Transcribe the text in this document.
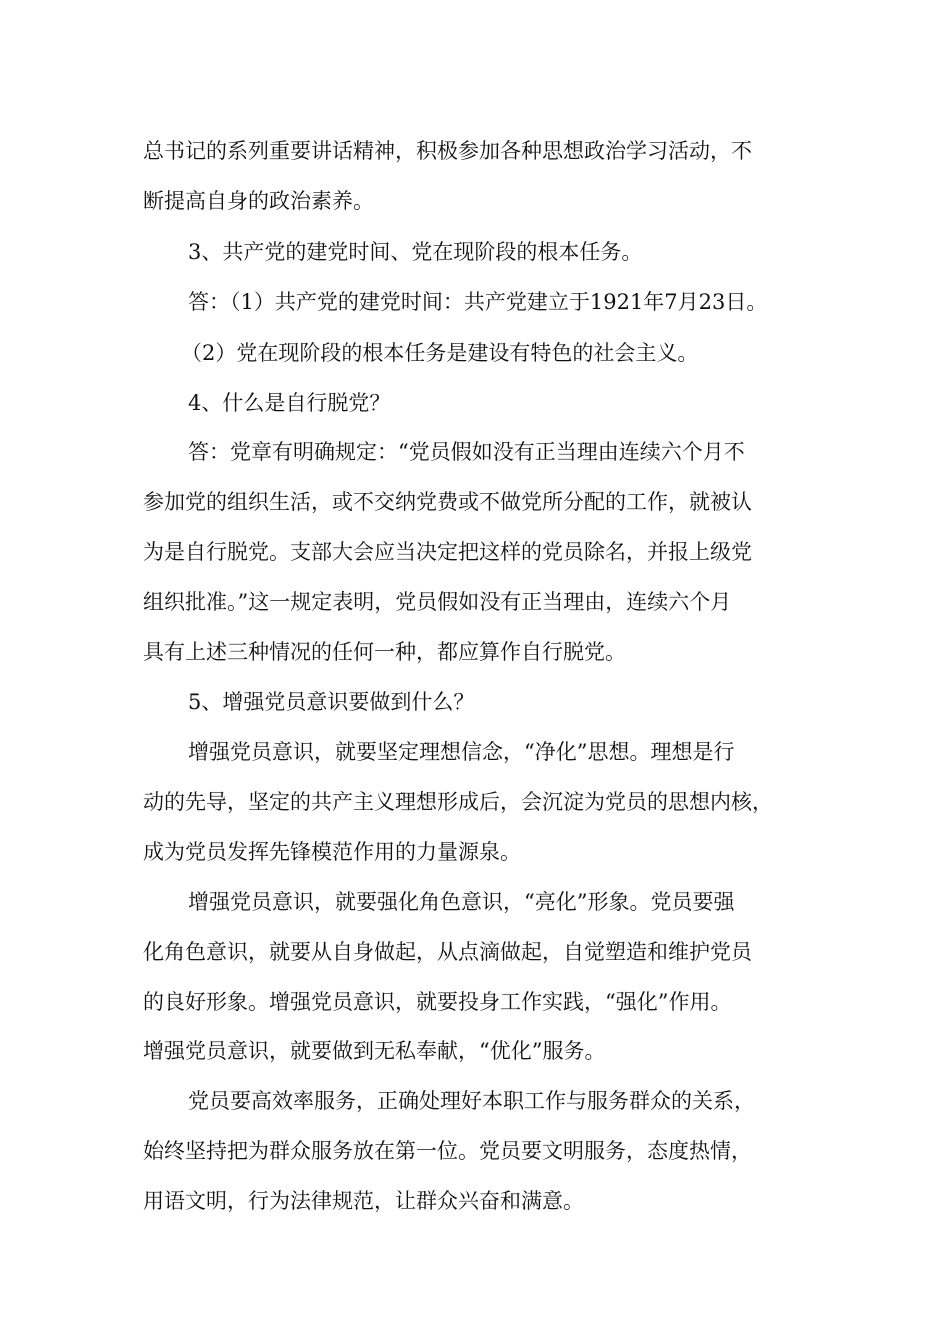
总书记的系列重要讲话精神，积极参加各种思想政治学习活动，不
断提高自身的政治素养。
3、共产党的建党时间、党在现阶段的根本任务。
答：（1）共产党的建党时间：共产党建立于1921年7月23日。
（2）党在现阶段的根本任务是建设有特色的社会主义。
4、什么是自行脱党？
答：党章有明确规定：“党员假如没有正当理由连续六个月不
参加党的组织生活，或不交纳党费或不做党所分配的工作，就被认
为是自行脱党。支部大会应当决定把这样的党员除名，并报上级党
组织批准。”这一规定表明，党员假如没有正当理由，连续六个月
具有上述三种情况的任何一种，都应算作自行脱党。
5、增强党员意识要做到什么？
增强党员意识，就要坚定理想信念，“净化”思想。理想是行
动的先导，坚定的共产主义理想形成后，会沉淀为党员的思想内核，
成为党员发挥先锋模范作用的力量源泉。
增强党员意识，就要强化角色意识，“亮化”形象。党员要强
化角色意识，就要从自身做起，从点滴做起，自觉塑造和维护党员
的良好形象。增强党员意识，就要投身工作实践，“强化”作用。
增强党员意识，就要做到无私奉献，“优化”服务。
党员要高效率服务，正确处理好本职工作与服务群众的关系，
始终坚持把为群众服务放在第一位。党员要文明服务，态度热情，
用语文明，行为法律规范，让群众兴奋和满意。
